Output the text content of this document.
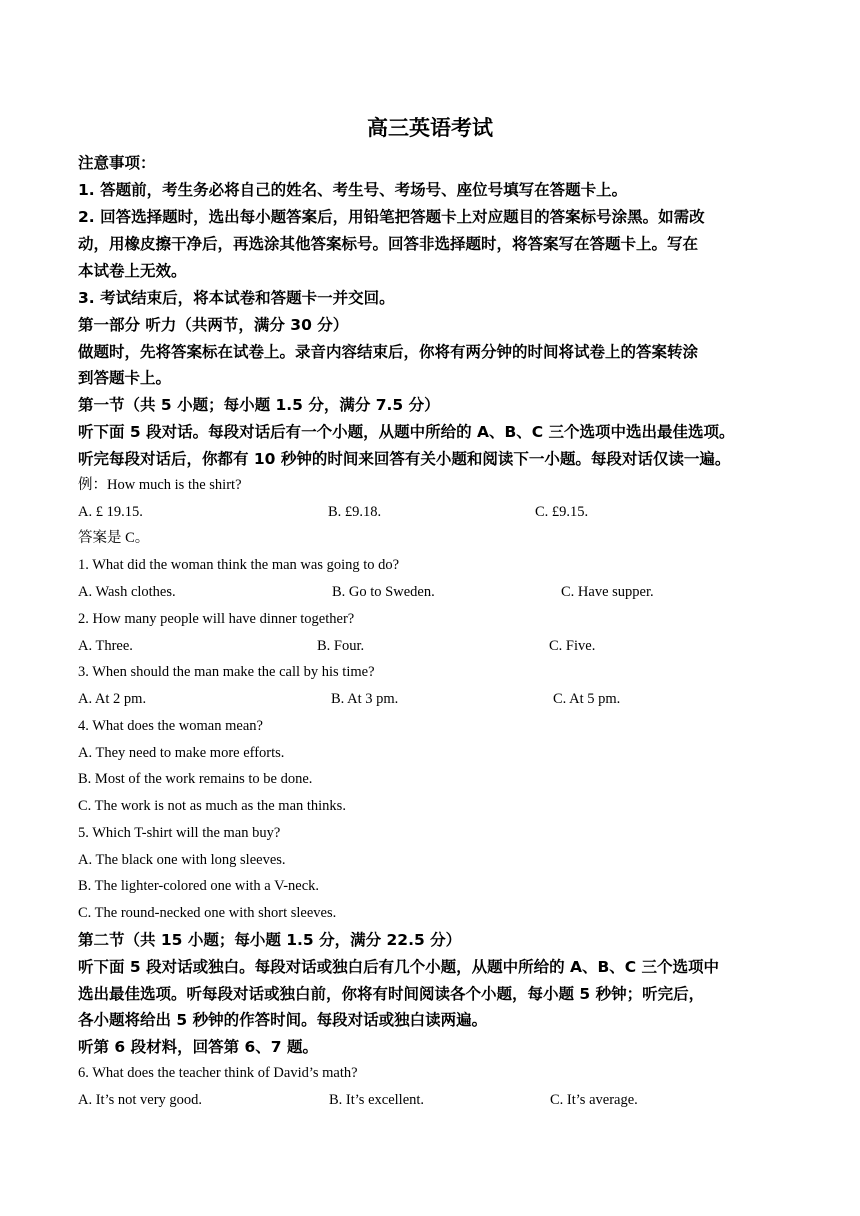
高三英语考试
注意事项：
1. 答题前，考生务必将自己的姓名、考生号、考场号、座位号填写在答题卡上。
2. 回答选择题时，选出每小题答案后，用铅笔把答题卡上对应题目的答案标号涂黑。如需改
动，用橡皮擦干净后，再选涂其他答案标号。回答非选择题时，将答案写在答题卡上。写在
本试卷上无效。
3. 考试结束后，将本试卷和答题卡一并交回。
第一部分 听力（共两节，满分 30 分）
做题时，先将答案标在试卷上。录音内容结束后，你将有两分钟的时间将试卷上的答案转涂
到答题卡上。
第一节（共 5 小题；每小题 1.5 分，满分 7.5 分）
听下面 5 段对话。每段对话后有一个小题，从题中所给的 A、B、C 三个选项中选出最佳选项。
听完每段对话后，你都有 10 秒钟的时间来回答有关小题和阅读下一小题。每段对话仅读一遍。
例：How much is the shirt?
A. £ 19.15.	B. £9.18.	C. £9.15.
答案是 C。
1. What did the woman think the man was going to do?
A. Wash clothes.	B. Go to Sweden.	C. Have supper.
2. How many people will have dinner together?
A. Three.	B. Four.	C. Five.
3. When should the man make the call by his time?
A. At 2 pm.	B. At 3 pm.	C. At 5 pm.
4. What does the woman mean?
A. They need to make more efforts.
B. Most of the work remains to be done.
C. The work is not as much as the man thinks.
5. Which T-shirt will the man buy?
A. The black one with long sleeves.
B. The lighter-colored one with a V-neck.
C. The round-necked one with short sleeves.
第二节（共 15 小题；每小题 1.5 分，满分 22.5 分）
听下面 5 段对话或独白。每段对话或独白后有几个小题，从题中所给的 A、B、C 三个选项中
选出最佳选项。听每段对话或独白前，你将有时间阅读各个小题，每小题 5 秒钟；听完后，
各小题将给出 5 秒钟的作答时间。每段对话或独白读两遍。
听第 6 段材料，回答第 6、7 题。
6. What does the teacher think of David’s math?
A. It’s not very good.	B. It’s excellent.	C. It’s average.
